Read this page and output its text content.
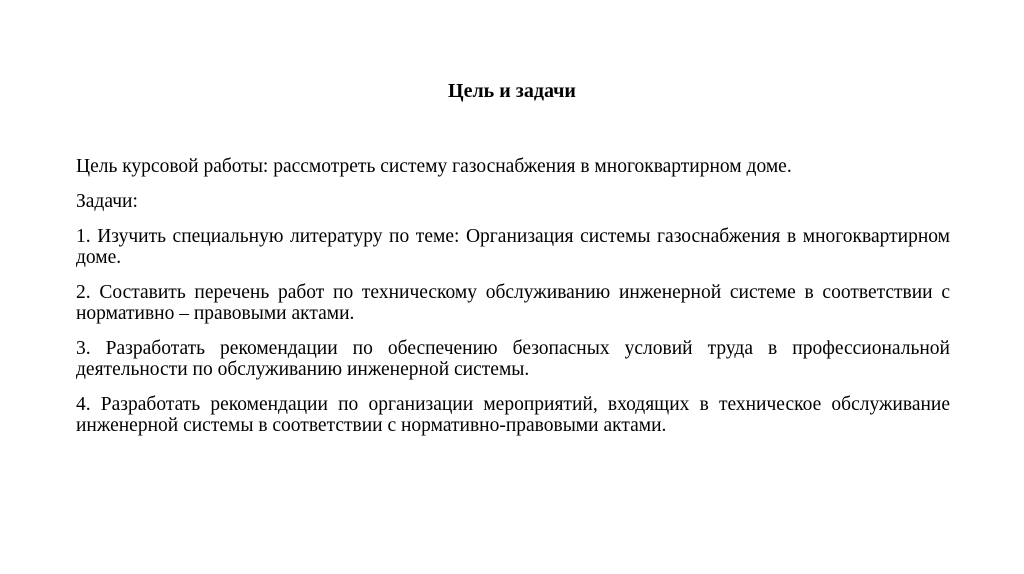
Цель и задачи

Цель курсовой работы: рассмотреть систему газоснабжения в многоквартирном доме.

Задачи:

1. Изучить специальную литературу по теме: Организация системы газоснабжения в многоквартирном доме.

2. Составить перечень работ по техническому обслуживанию инженерной системе в соответствии с нормативно – правовыми актами.

3. Разработать рекомендации по обеспечению безопасных условий труда в профессиональной деятельности по обслуживанию инженерной системы.

4. Разработать рекомендации по организации мероприятий, входящих в техническое обслуживание инженерной системы в соответствии с нормативно-правовыми актами.
